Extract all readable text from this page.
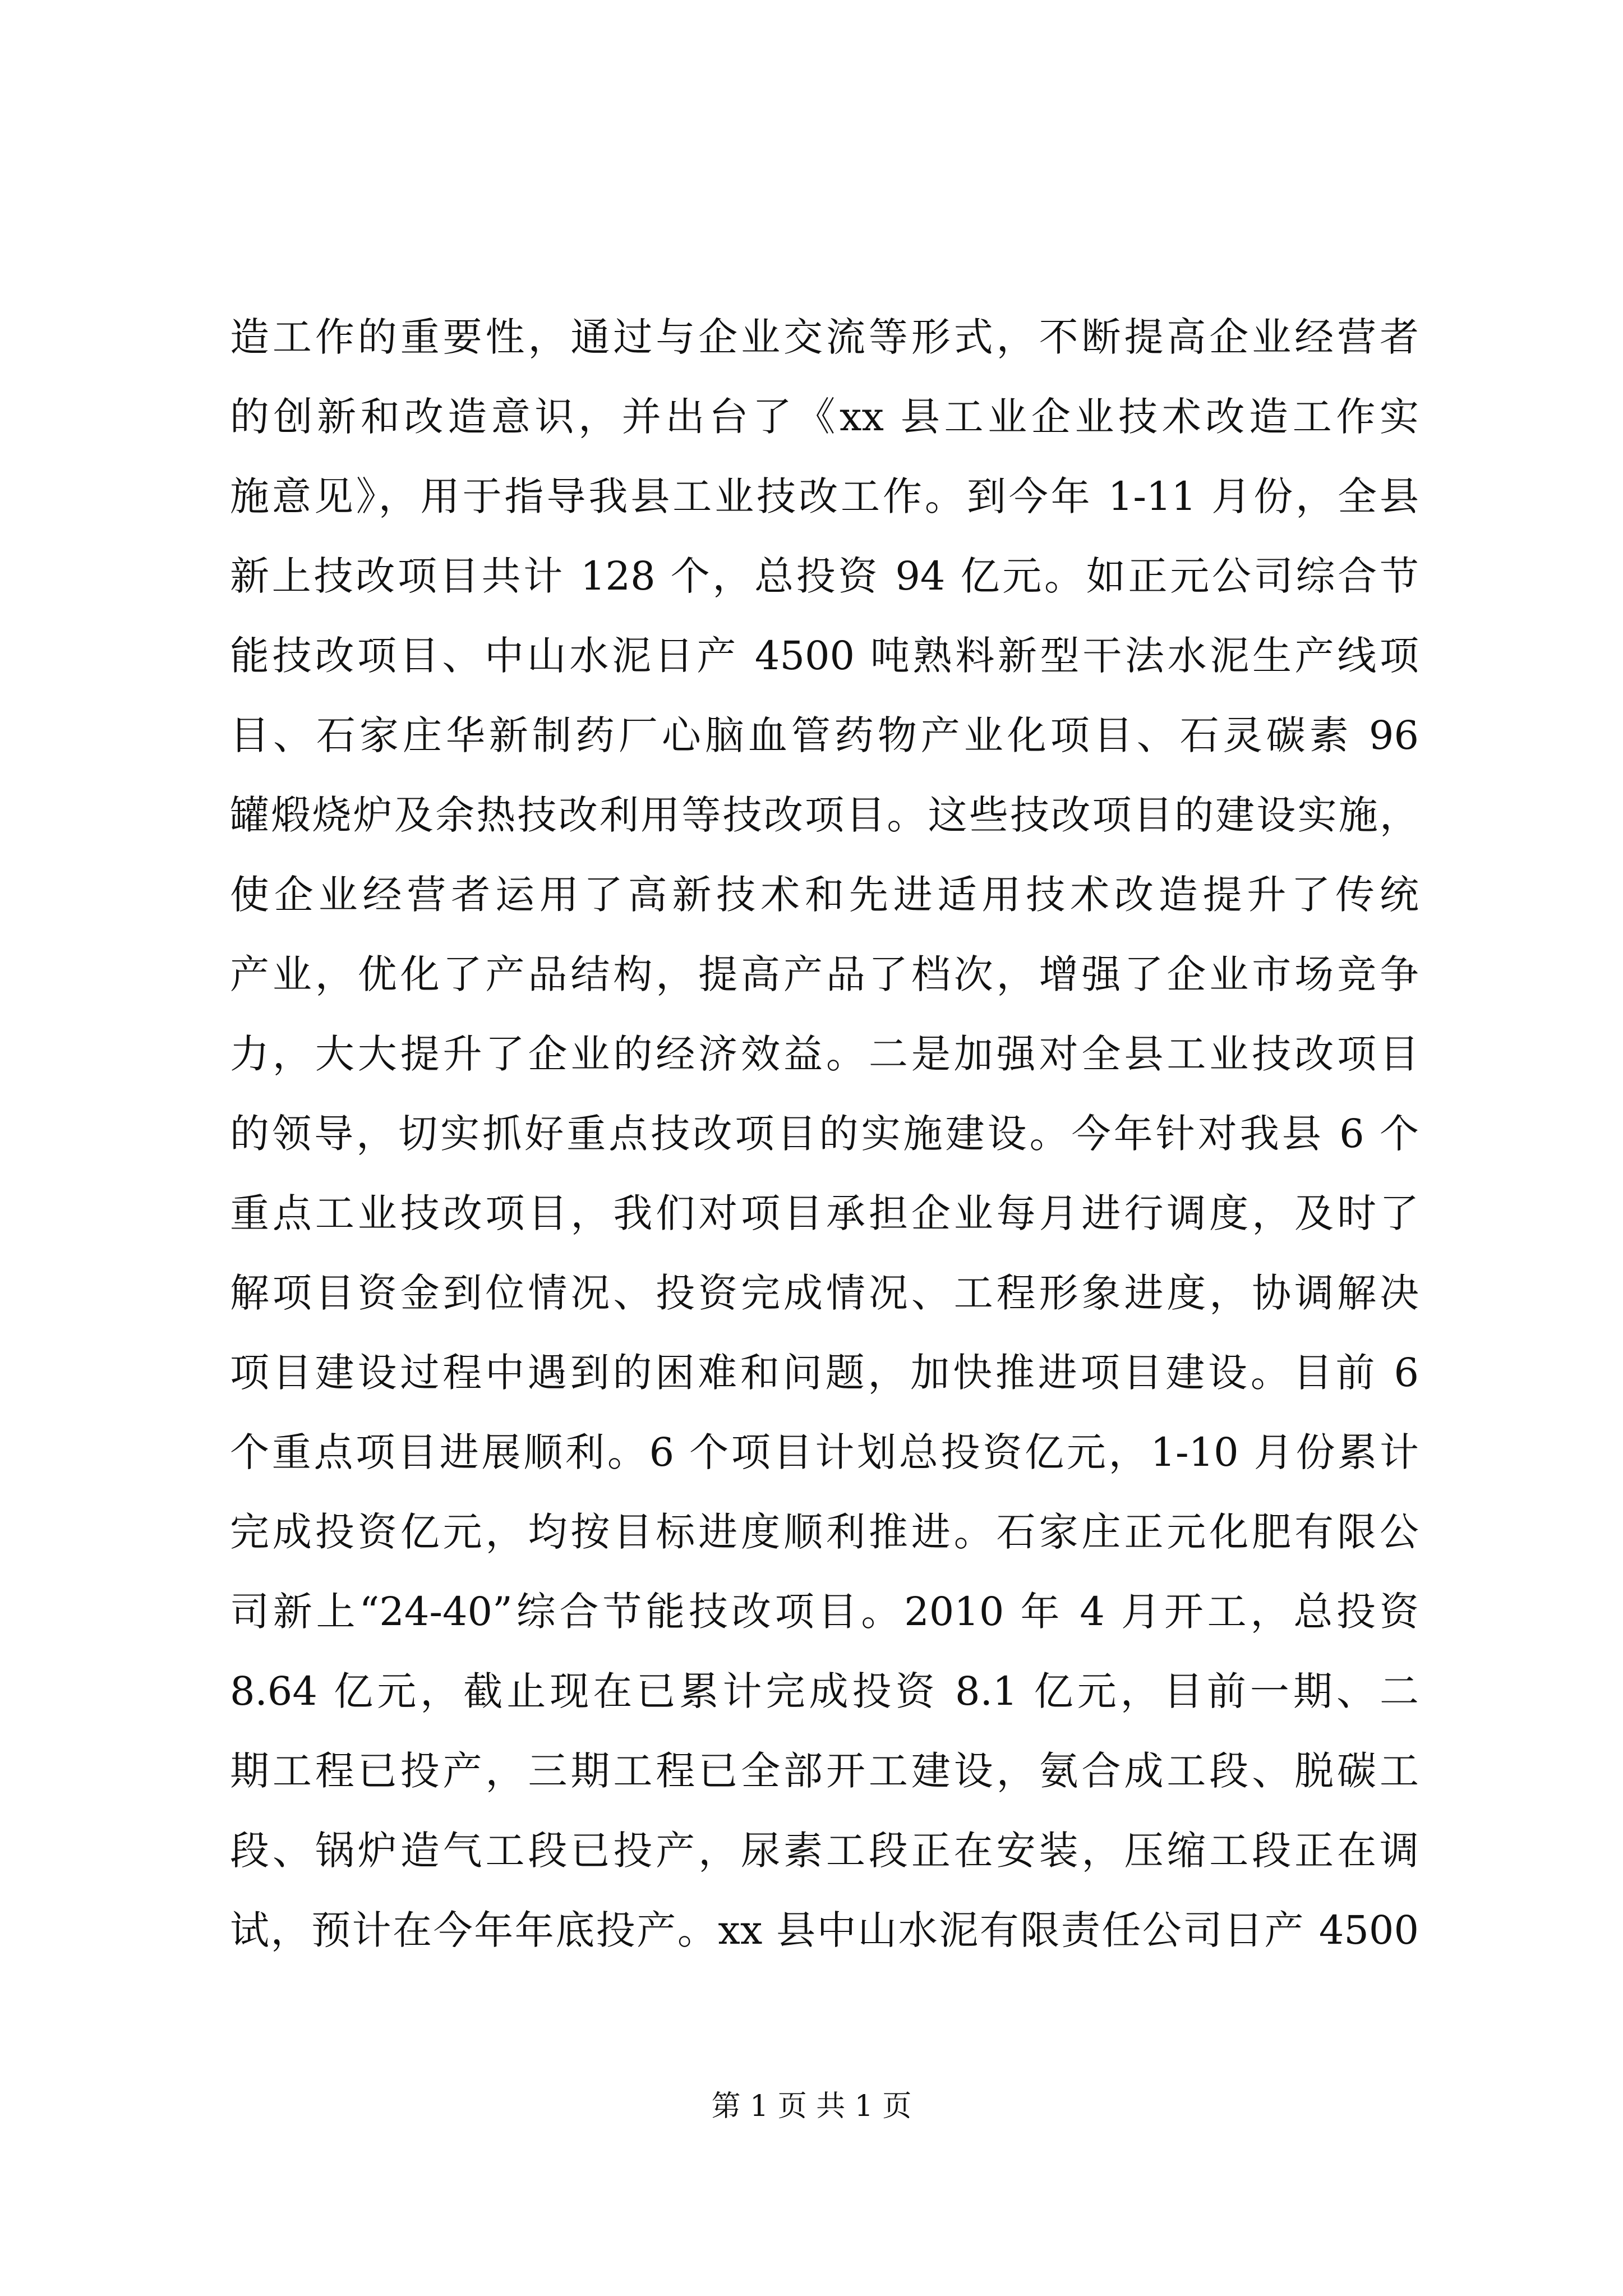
造工作的重要性，通过与企业交流等形式，不断提高企业经营者
的创新和改造意识，并出台了《xx 县工业企业技术改造工作实
施意见》，用于指导我县工业技改工作。到今年 1-11 月份，全县
新上技改项目共计 128 个，总投资 94 亿元。如正元公司综合节
能技改项目、中山水泥日产 4500 吨熟料新型干法水泥生产线项
目、石家庄华新制药厂心脑血管药物产业化项目、石灵碳素 96
罐煅烧炉及余热技改利用等技改项目。这些技改项目的建设实施，
使企业经营者运用了高新技术和先进适用技术改造提升了传统
产业，优化了产品结构，提高产品了档次，增强了企业市场竞争
力，大大提升了企业的经济效益。二是加强对全县工业技改项目
的领导，切实抓好重点技改项目的实施建设。今年针对我县 6 个
重点工业技改项目，我们对项目承担企业每月进行调度，及时了
解项目资金到位情况、投资完成情况、工程形象进度，协调解决
项目建设过程中遇到的困难和问题，加快推进项目建设。目前 6
个重点项目进展顺利。6 个项目计划总投资亿元，1-10 月份累计
完成投资亿元，均按目标进度顺利推进。石家庄正元化肥有限公
司新上“24-40”综合节能技改项目。2010 年 4 月开工，总投资
8.64 亿元，截止现在已累计完成投资 8.1 亿元，目前一期、二
期工程已投产，三期工程已全部开工建设，氨合成工段、脱碳工
段、锅炉造气工段已投产，尿素工段正在安装，压缩工段正在调
试，预计在今年年底投产。xx 县中山水泥有限责任公司日产 4500
第 1 页 共 1 页
